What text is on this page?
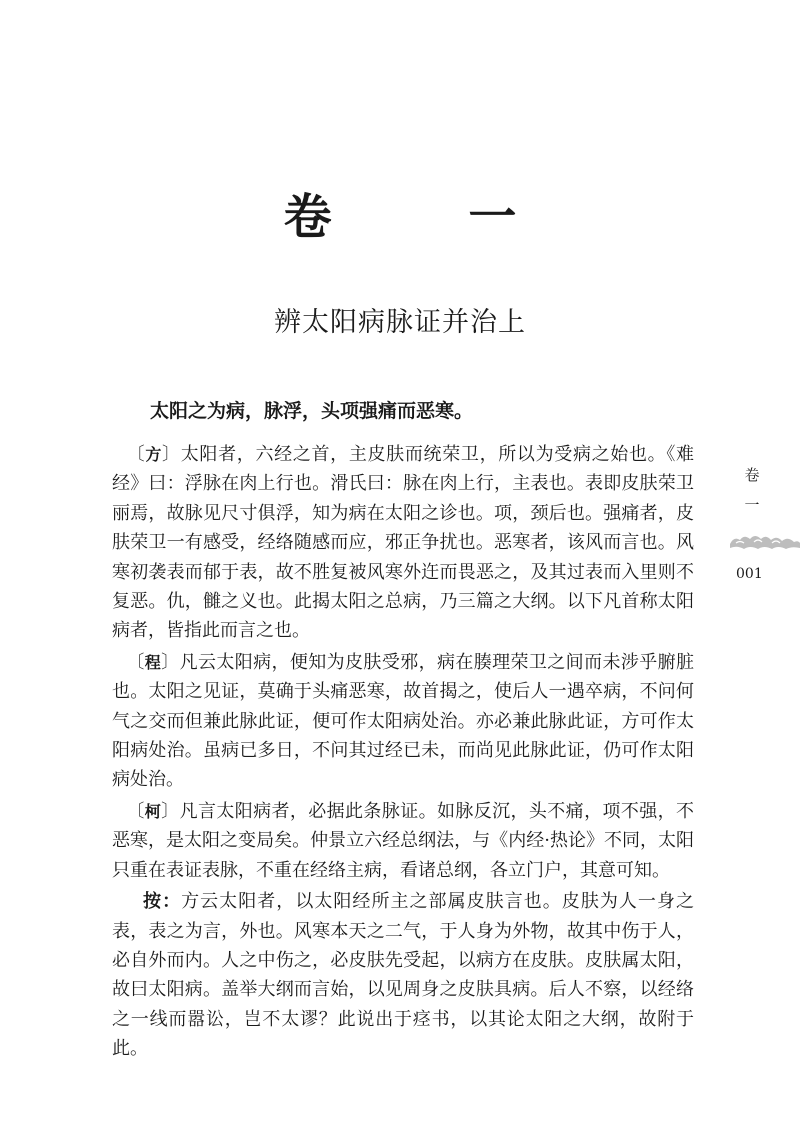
卷 一
辨太阳病脉证并治上
太阳之为病，脉浮，头项强痛而恶寒。

〔方〕太阳者，六经之首，主皮肤而统荣卫，所以为受病之始也。《难经》曰：浮脉在肉上行也。滑氏曰：脉在肉上行，主表也。表即皮肤荣卫丽焉，故脉见尺寸俱浮，知为病在太阳之诊也。项，颈后也。强痛者，皮肤荣卫一有感受，经络随感而应，邪正争扰也。恶寒者，该风而言也。风寒初袭表而郁于表，故不胜复被风寒外迕而畏恶之，及其过表而入里则不复恶。仇，雠之义也。此揭太阳之总病，乃三篇之大纲。以下凡首称太阳病者，皆指此而言之也。

〔程〕凡云太阳病，便知为皮肤受邪，病在腠理荣卫之间而未涉乎腑脏也。太阳之见证，莫确于头痛恶寒，故首揭之，使后人一遇卒病，不问何气之交而但兼此脉此证，便可作太阳病处治。亦必兼此脉此证，方可作太阳病处治。虽病已多日，不问其过经已未，而尚见此脉此证，仍可作太阳病处治。

〔柯〕凡言太阳病者，必据此条脉证。如脉反沉，头不痛，项不强，不恶寒，是太阳之变局矣。仲景立六经总纲法，与《内经·热论》不同，太阳只重在表证表脉，不重在经络主病，看诸总纲，各立门户，其意可知。

按：方云太阳者，以太阳经所主之部属皮肤言也。皮肤为人一身之表，表之为言，外也。风寒本天之二气，于人身为外物，故其中伤于人，必自外而内。人之中伤之，必皮肤先受起，以病方在皮肤。皮肤属太阳，故曰太阳病。盖举大纲而言始，以见周身之皮肤具病。后人不察，以经络之一线而嚣讼，岂不太谬？此说出于痉书，以其论太阳之大纲，故附于此。

卷
一
001
